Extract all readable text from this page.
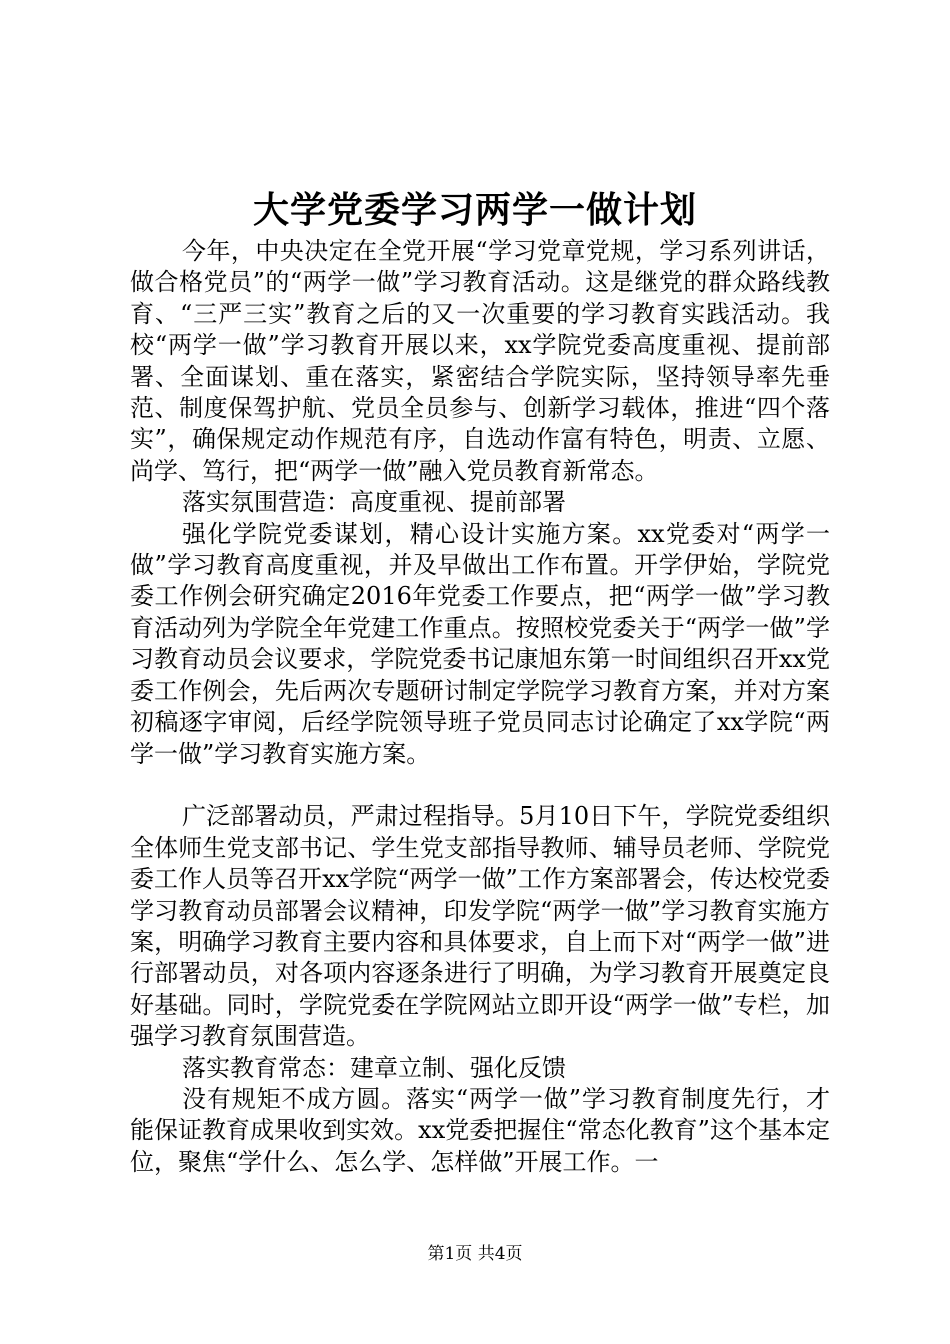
大学党委学习两学一做计划

今年，中央决定在全党开展“学习党章党规，学习系列讲话，做合格党员”的“两学一做”学习教育活动。这是继党的群众路线教育、“三严三实”教育之后的又一次重要的学习教育实践活动。我校“两学一做”学习教育开展以来，xx学院党委高度重视、提前部署、全面谋划、重在落实，紧密结合学院实际，坚持领导率先垂范、制度保驾护航、党员全员参与、创新学习载体，推进“四个落实”，确保规定动作规范有序，自选动作富有特色，明责、立愿、尚学、笃行，把“两学一做”融入党员教育新常态。

落实氛围营造：高度重视、提前部署

强化学院党委谋划，精心设计实施方案。xx党委对“两学一做”学习教育高度重视，并及早做出工作布置。开学伊始，学院党委工作例会研究确定2016年党委工作要点，把“两学一做”学习教育活动列为学院全年党建工作重点。按照校党委关于“两学一做”学习教育动员会议要求，学院党委书记康旭东第一时间组织召开xx党委工作例会，先后两次专题研讨制定学院学习教育方案，并对方案初稿逐字审阅，后经学院领导班子党员同志讨论确定了xx学院“两学一做”学习教育实施方案。

广泛部署动员，严肃过程指导。5月10日下午，学院党委组织全体师生党支部书记、学生党支部指导教师、辅导员老师、学院党委工作人员等召开xx学院“两学一做”工作方案部署会，传达校党委学习教育动员部署会议精神，印发学院“两学一做”学习教育实施方案，明确学习教育主要内容和具体要求，自上而下对“两学一做”进行部署动员，对各项内容逐条进行了明确，为学习教育开展奠定良好基础。同时，学院党委在学院网站立即开设“两学一做”专栏，加强学习教育氛围营造。

落实教育常态：建章立制、强化反馈

没有规矩不成方圆。落实“两学一做”学习教育制度先行，才能保证教育成果收到实效。xx党委把握住“常态化教育”这个基本定位，聚焦“学什么、怎么学、怎样做”开展工作。一

第1页 共4页
